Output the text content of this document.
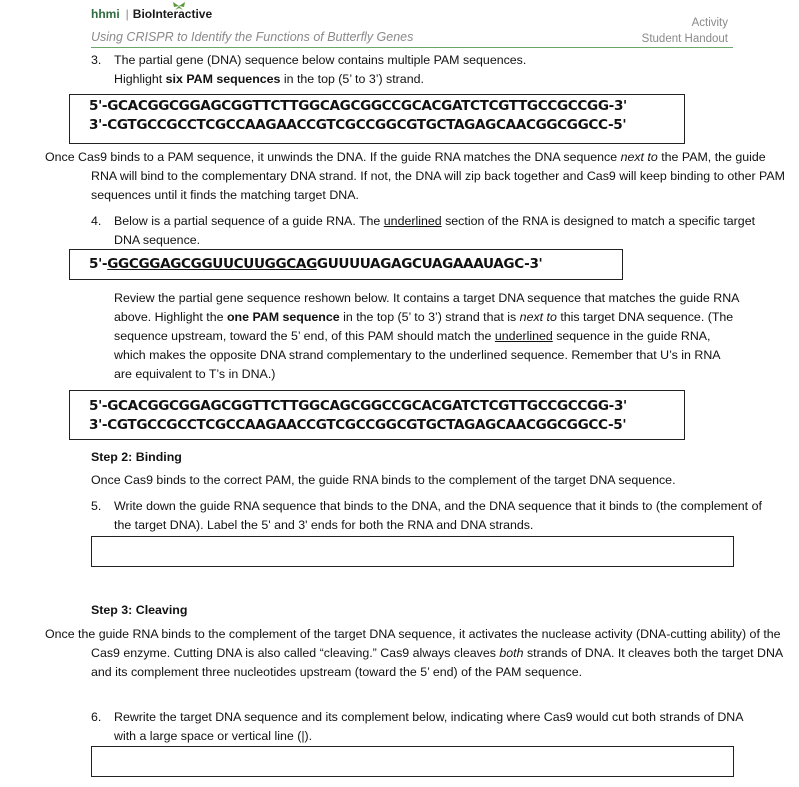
hhmi | BioInteractive
Using CRISPR to Identify the Functions of Butterfly Genes
Activity
Student Handout
3. The partial gene (DNA) sequence below contains multiple PAM sequences.
Highlight six PAM sequences in the top (5’ to 3’) strand.
5'-GCACGGCGGAGCGGTTCTTGGCAGCGGCCGCACGATCTCGTTGCCGCCGG-3'
3'-CGTGCCGCCTCGCCAAGAACCGTCGCCGGCGTGCTAGAGCAACGGCGGCC-5'
Once Cas9 binds to a PAM sequence, it unwinds the DNA. If the guide RNA matches the DNA sequence next to the PAM, the guide RNA will bind to the complementary DNA strand. If not, the DNA will zip back together and Cas9 will keep binding to other PAM sequences until it finds the matching target DNA.
4. Below is a partial sequence of a guide RNA. The underlined section of the RNA is designed to match a specific target DNA sequence.
5'-GGCGGAGCGGUUCUUGGCAGGUUUUAGAGCUAGAAAUAGC-3'
Review the partial gene sequence reshown below. It contains a target DNA sequence that matches the guide RNA above. Highlight the one PAM sequence in the top (5’ to 3’) strand that is next to this target DNA sequence. (The sequence upstream, toward the 5’ end, of this PAM should match the underlined sequence in the guide RNA, which makes the opposite DNA strand complementary to the underlined sequence. Remember that U’s in RNA are equivalent to T’s in DNA.)
5'-GCACGGCGGAGCGGTTCTTGGCAGCGGCCGCACGATCTCGTTGCCGCCGG-3'
3'-CGTGCCGCCTCGCCAAGAACCGTCGCCGGCGTGCTAGAGCAACGGCGGCC-5'
Step 2: Binding
Once Cas9 binds to the correct PAM, the guide RNA binds to the complement of the target DNA sequence.
5. Write down the guide RNA sequence that binds to the DNA, and the DNA sequence that it binds to (the complement of the target DNA). Label the 5' and 3' ends for both the RNA and DNA strands.
Step 3: Cleaving
Once the guide RNA binds to the complement of the target DNA sequence, it activates the nuclease activity (DNA-cutting ability) of the Cas9 enzyme. Cutting DNA is also called “cleaving.” Cas9 always cleaves both strands of DNA. It cleaves both the target DNA and its complement three nucleotides upstream (toward the 5’ end) of the PAM sequence.
6. Rewrite the target DNA sequence and its complement below, indicating where Cas9 would cut both strands of DNA with a large space or vertical line (|).
